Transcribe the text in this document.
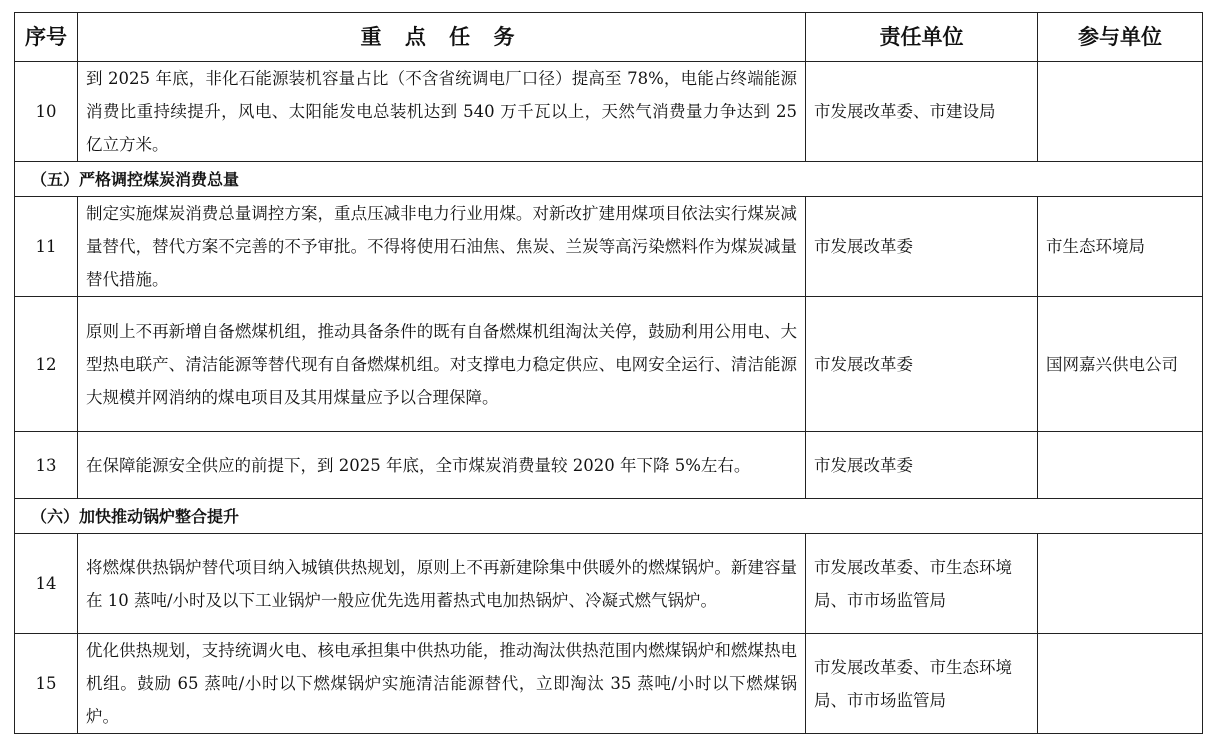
序号	重 点 任 务	责任单位	参与单位
10	到 2025 年底，非化石能源装机容量占比（不含省统调电厂口径）提高至 78%，电能占终端能源消费比重持续提升，风电、太阳能发电总装机达到 540 万千瓦以上，天然气消费量力争达到 25 亿立方米。	市发展改革委、市建设局	
（五）严格调控煤炭消费总量			
11	制定实施煤炭消费总量调控方案，重点压减非电力行业用煤。对新改扩建用煤项目依法实行煤炭减量替代，替代方案不完善的不予审批。不得将使用石油焦、焦炭、兰炭等高污染燃料作为煤炭减量替代措施。	市发展改革委	市生态环境局
12	原则上不再新增自备燃煤机组，推动具备条件的既有自备燃煤机组淘汰关停，鼓励利用公用电、大型热电联产、清洁能源等替代现有自备燃煤机组。对支撑电力稳定供应、电网安全运行、清洁能源大规模并网消纳的煤电项目及其用煤量应予以合理保障。	市发展改革委	国网嘉兴供电公司
13	在保障能源安全供应的前提下，到 2025 年底，全市煤炭消费量较 2020 年下降 5%左右。	市发展改革委	
（六）加快推动锅炉整合提升			
14	将燃煤供热锅炉替代项目纳入城镇供热规划，原则上不再新建除集中供暖外的燃煤锅炉。新建容量在 10 蒸吨/小时及以下工业锅炉一般应优先选用蓄热式电加热锅炉、冷凝式燃气锅炉。	市发展改革委、市生态环境局、市市场监管局	
15	优化供热规划，支持统调火电、核电承担集中供热功能，推动淘汰供热范围内燃煤锅炉和燃煤热电机组。鼓励 65 蒸吨/小时以下燃煤锅炉实施清洁能源替代，立即淘汰 35 蒸吨/小时以下燃煤锅炉。	市发展改革委、市生态环境局、市市场监管局	
